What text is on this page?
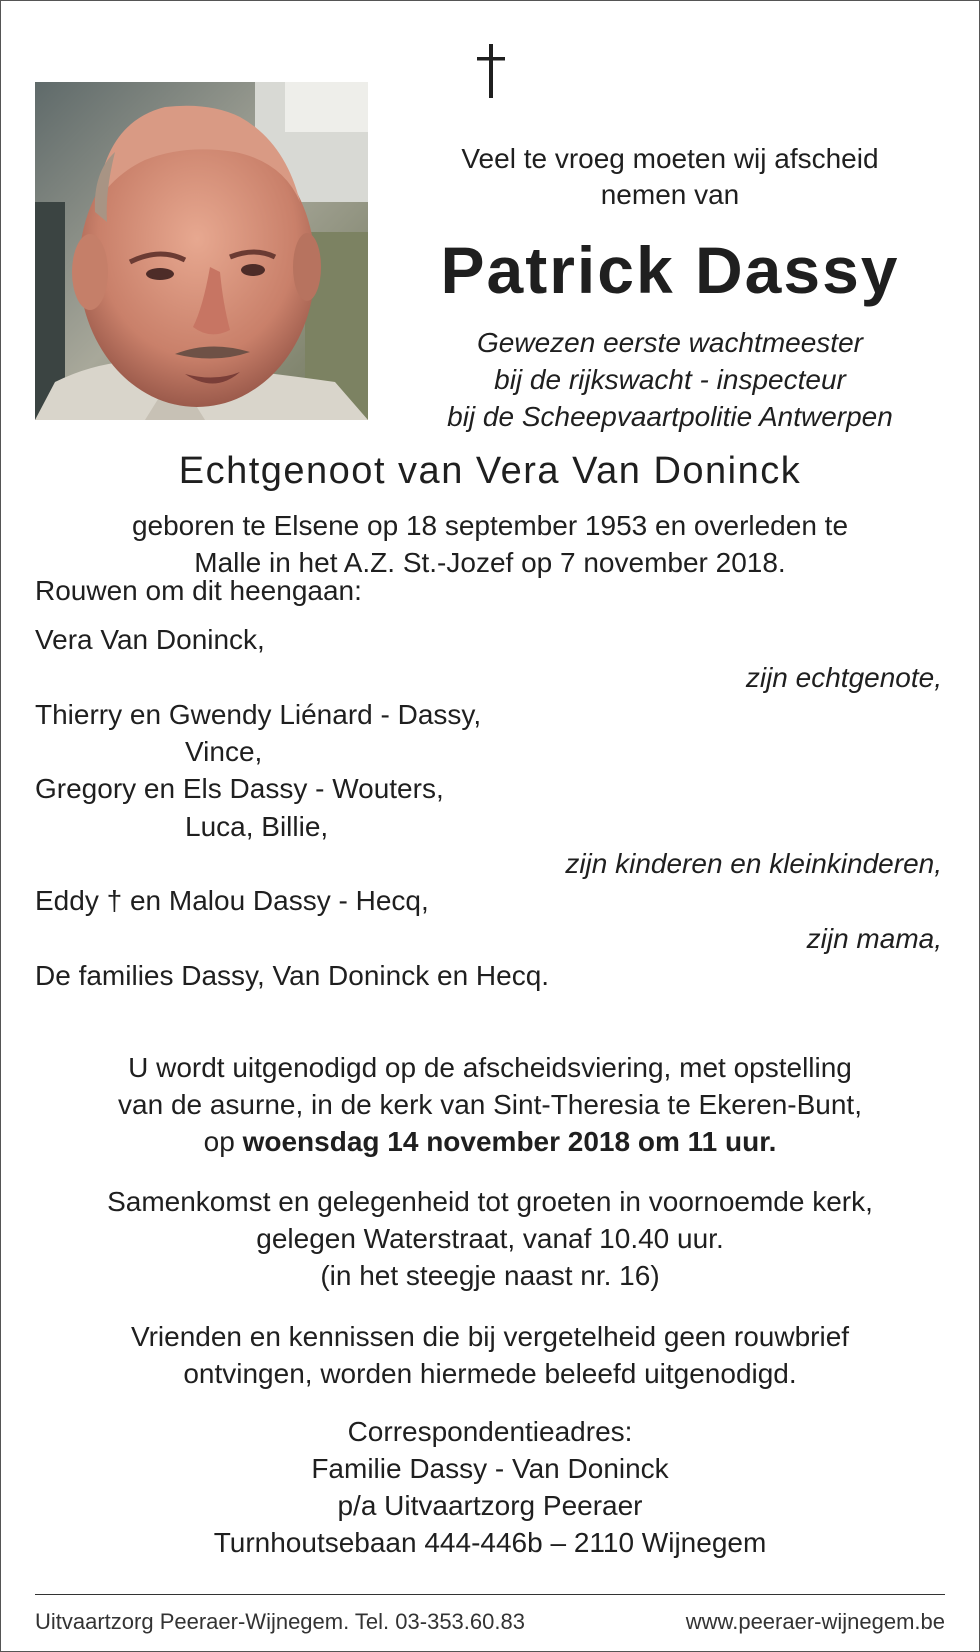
Veel te vroeg moeten wij afscheid
nemen van
Patrick Dassy
Gewezen eerste wachtmeester
bij de rijkswacht - inspecteur
bij de Scheepvaartpolitie Antwerpen
Echtgenoot van Vera Van Doninck
geboren te Elsene op 18 september 1953 en overleden te
Malle in het A.Z. St.-Jozef op 7 november 2018.
Rouwen om dit heengaan:
Vera Van Doninck,
zijn echtgenote,
Thierry en Gwendy Liénard - Dassy,
Vince,
Gregory en Els Dassy - Wouters,
Luca, Billie,
zijn kinderen en kleinkinderen,
Eddy † en Malou Dassy - Hecq,
zijn mama,
De families Dassy, Van Doninck en Hecq.
U wordt uitgenodigd op de afscheidsviering, met opstelling
van de asurne, in de kerk van Sint-Theresia te Ekeren-Bunt,
op woensdag 14 november 2018 om 11 uur.
Samenkomst en gelegenheid tot groeten in voornoemde kerk,
gelegen Waterstraat, vanaf 10.40 uur.
(in het steegje naast nr. 16)
Vrienden en kennissen die bij vergetelheid geen rouwbrief
ontvingen, worden hiermede beleefd uitgenodigd.
Correspondentieadres:
Familie Dassy - Van Doninck
p/a Uitvaartzorg Peeraer
Turnhoutsebaan 444-446b – 2110 Wijnegem
Uitvaartzorg Peeraer-Wijnegem. Tel. 03-353.60.83	www.peeraer-wijnegem.be
